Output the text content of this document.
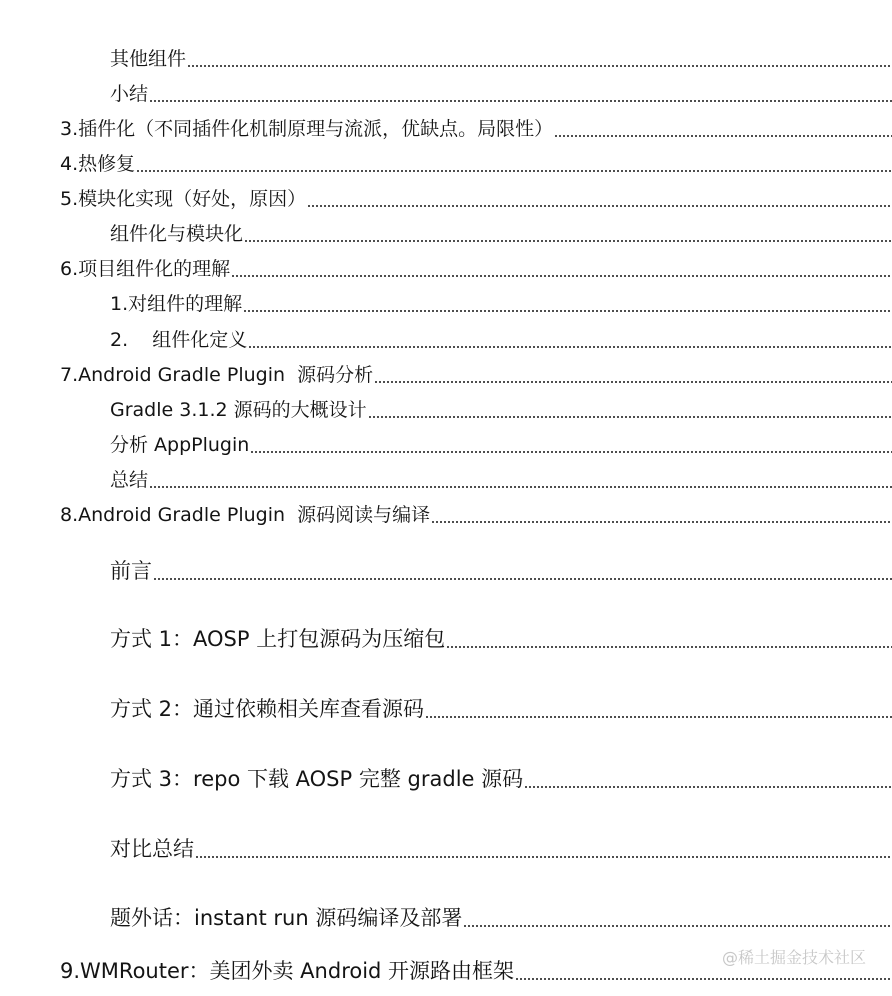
其他组件
小结
3.插件化（不同插件化机制原理与流派，优缺点。局限性）
4.热修复
5.模块化实现（好处，原因）
组件化与模块化
6.项目组件化的理解
1.对组件的理解
2.    组件化定义
7.Android Gradle Plugin  源码分析
Gradle 3.1.2 源码的大概设计
分析 AppPlugin
总结
8.Android Gradle Plugin  源码阅读与编译
前言
方式 1：AOSP 上打包源码为压缩包
方式 2：通过依赖相关库查看源码
方式 3：repo 下载 AOSP 完整 gradle 源码
对比总结
题外话：instant run 源码编译及部署
9.WMRouter：美团外卖 Android 开源路由框架
@稀土掘金技术社区
